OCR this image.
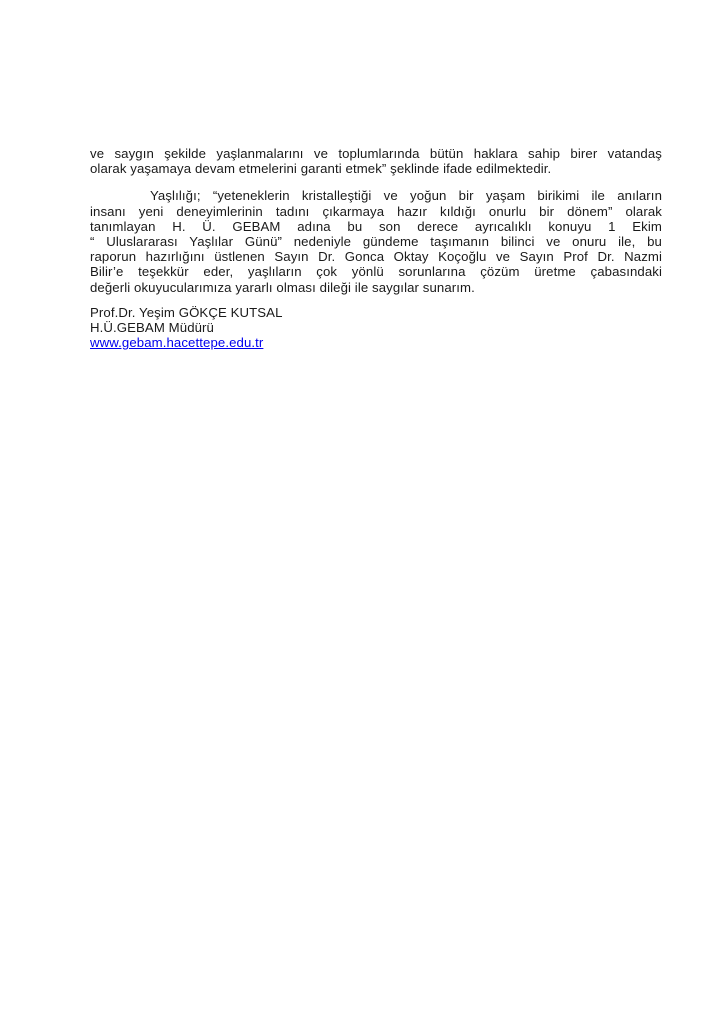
ve saygın şekilde yaşlanmalarını ve toplumlarında bütün haklara sahip birer vatandaş
olarak yaşamaya devam etmelerini garanti etmek” şeklinde ifade edilmektedir.
Yaşlılığı; “yeteneklerin kristalleştiği ve yoğun bir yaşam birikimi ile anıların
insanı yeni deneyimlerinin tadını çıkarmaya hazır kıldığı onurlu bir dönem” olarak
tanımlayan H. Ü. GEBAM adına bu son derece ayrıcalıklı konuyu 1 Ekim
“ Uluslararası Yaşlılar Günü” nedeniyle gündeme taşımanın bilinci ve onuru ile, bu
raporun hazırlığını üstlenen Sayın Dr. Gonca Oktay Koçoğlu ve Sayın Prof Dr. Nazmi
Bilir’e teşekkür eder, yaşlıların çok yönlü sorunlarına çözüm üretme çabasındaki
değerli okuyucularımıza yararlı olması dileği ile saygılar sunarım.
Prof.Dr. Yeşim GÖKÇE KUTSAL
H.Ü.GEBAM Müdürü
www.gebam.hacettepe.edu.tr
